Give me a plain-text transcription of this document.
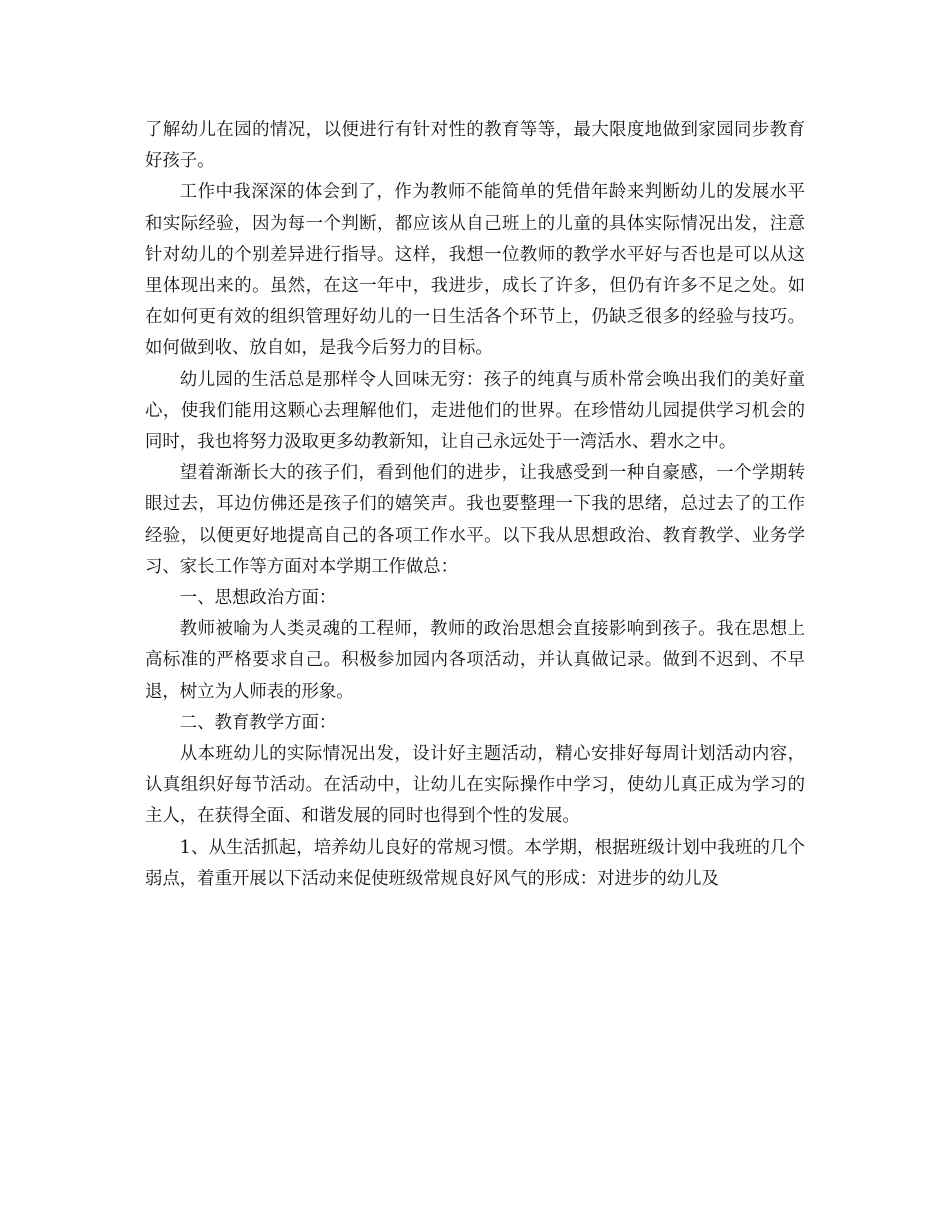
了解幼儿在园的情况，以便进行有针对性的教育等等，最大限度地做到家园同步教育好孩子。

工作中我深深的体会到了，作为教师不能简单的凭借年龄来判断幼儿的发展水平和实际经验，因为每一个判断，都应该从自己班上的儿童的具体实际情况出发，注意针对幼儿的个别差异进行指导。这样，我想一位教师的教学水平好与否也是可以从这里体现出来的。虽然，在这一年中，我进步，成长了许多，但仍有许多不足之处。如在如何更有效的组织管理好幼儿的一日生活各个环节上，仍缺乏很多的经验与技巧。如何做到收、放自如，是我今后努力的目标。

幼儿园的生活总是那样令人回味无穷：孩子的纯真与质朴常会唤出我们的美好童心，使我们能用这颗心去理解他们，走进他们的世界。在珍惜幼儿园提供学习机会的同时，我也将努力汲取更多幼教新知，让自己永远处于一湾活水、碧水之中。

望着渐渐长大的孩子们，看到他们的进步，让我感受到一种自豪感，一个学期转眼过去，耳边仿佛还是孩子们的嬉笑声。我也要整理一下我的思绪，总过去了的工作经验，以便更好地提高自己的各项工作水平。以下我从思想政治、教育教学、业务学习、家长工作等方面对本学期工作做总：

一、思想政治方面：

教师被喻为人类灵魂的工程师，教师的政治思想会直接影响到孩子。我在思想上高标准的严格要求自己。积极参加园内各项活动，并认真做记录。做到不迟到、不早退，树立为人师表的形象。

二、教育教学方面：

从本班幼儿的实际情况出发，设计好主题活动，精心安排好每周计划活动内容，认真组织好每节活动。在活动中，让幼儿在实际操作中学习，使幼儿真正成为学习的主人，在获得全面、和谐发展的同时也得到个性的发展。

1、从生活抓起，培养幼儿良好的常规习惯。本学期，根据班级计划中我班的几个弱点，着重开展以下活动来促使班级常规良好风气的形成：对进步的幼儿及
